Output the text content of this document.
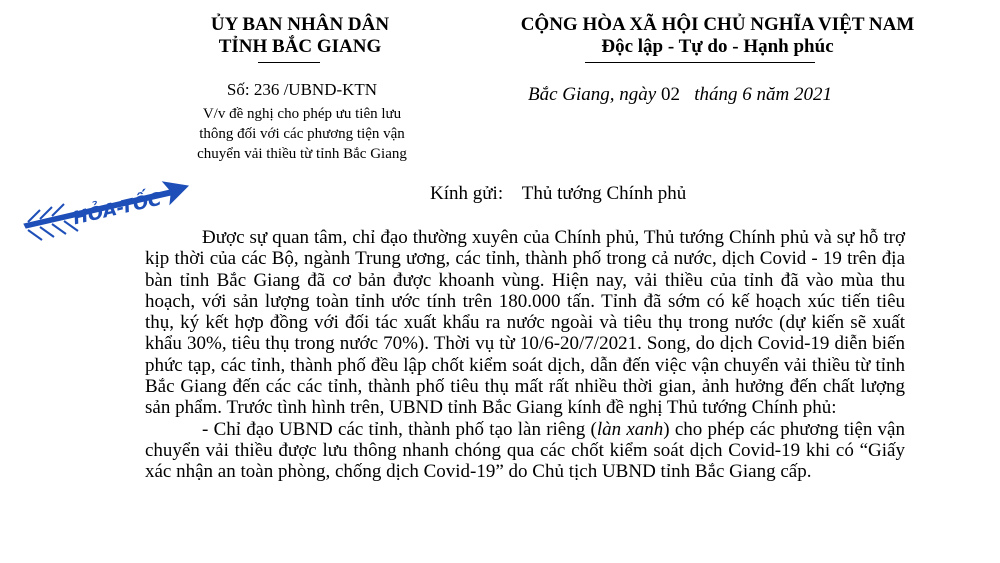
ỦY BAN NHÂN DÂN
TỈNH BẮC GIANG
CỘNG HÒA XÃ HỘI CHỦ NGHĨA VIỆT NAM
Độc lập - Tự do - Hạnh phúc
Số: 236 /UBND-KTN
V/v đề nghị cho phép ưu tiên lưu
thông đối với các phương tiện vận
chuyển vải thiều từ tỉnh Bắc Giang
Bắc Giang, ngày 02 tháng 6 năm 2021
HỎA-TỐC	Kính gửi: Thủ tướng Chính phủ

Được sự quan tâm, chỉ đạo thường xuyên của Chính phủ, Thủ tướng Chính phủ và sự hỗ trợ kịp thời của các Bộ, ngành Trung ương, các tỉnh, thành phố trong cả nước, dịch Covid - 19 trên địa bàn tỉnh Bắc Giang đã cơ bản được khoanh vùng. Hiện nay, vải thiều của tỉnh đã vào mùa thu hoạch, với sản lượng toàn tỉnh ước tính trên 180.000 tấn. Tỉnh đã sớm có kế hoạch xúc tiến tiêu thụ, ký kết hợp đồng với đối tác xuất khẩu ra nước ngoài và tiêu thụ trong nước (dự kiến sẽ xuất khẩu 30%, tiêu thụ trong nước 70%). Thời vụ từ 10/6-20/7/2021. Song, do dịch Covid-19 diễn biến phức tạp, các tỉnh, thành phố đều lập chốt kiểm soát dịch, dẫn đến việc vận chuyển vải thiều từ tỉnh Bắc Giang đến các các tỉnh, thành phố tiêu thụ mất rất nhiều thời gian, ảnh hưởng đến chất lượng sản phẩm. Trước tình hình trên, UBND tỉnh Bắc Giang kính đề nghị Thủ tướng Chính phủ:

- Chỉ đạo UBND các tỉnh, thành phố tạo làn riêng (làn xanh) cho phép các phương tiện vận chuyển vải thiều được lưu thông nhanh chóng qua các chốt kiểm soát dịch Covid-19 khi có “Giấy xác nhận an toàn phòng, chống dịch Covid-19” do Chủ tịch UBND tỉnh Bắc Giang cấp.
